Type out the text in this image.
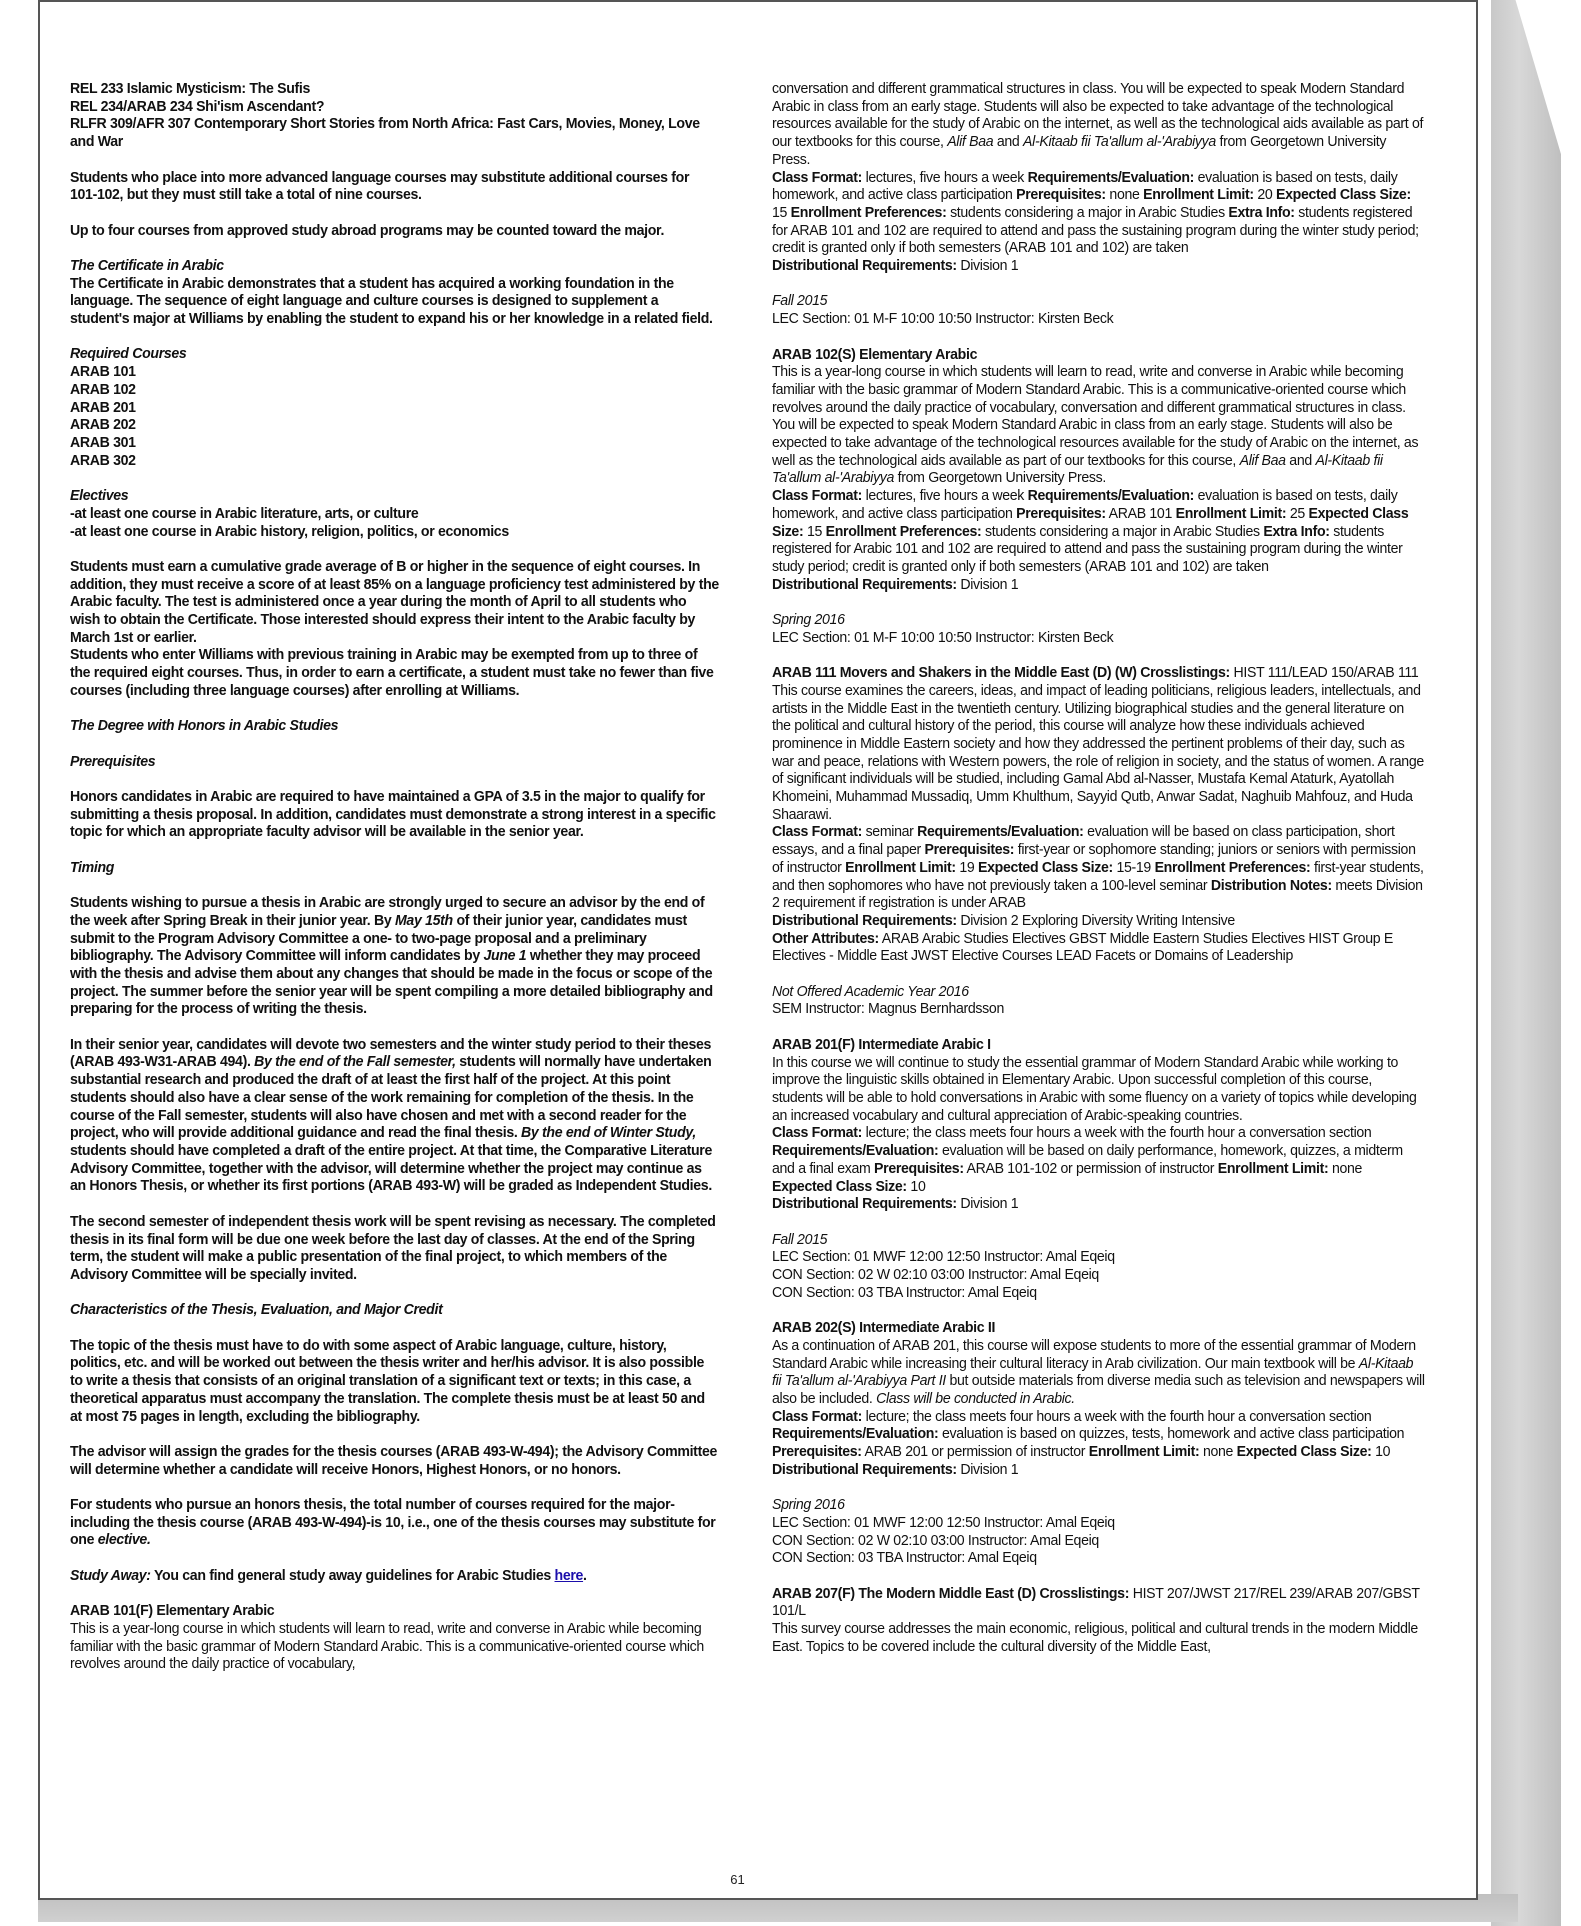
REL 233 Islamic Mysticism: The Sufis

REL 234/ARAB 234 Shi'ism Ascendant?

RLFR 309/AFR 307 Contemporary Short Stories from North Africa: Fast Cars, Movies, Money, Love and War

Students who place into more advanced language courses may substitute additional courses for 101-102, but they must still take a total of nine courses.

Up to four courses from approved study abroad programs may be counted toward the major.

The Certificate in Arabic

The Certificate in Arabic demonstrates that a student has acquired a working foundation in the language. The sequence of eight language and culture courses is designed to supplement a student's major at Williams by enabling the student to expand his or her knowledge in a related field.

Required Courses

ARAB 101

ARAB 102

ARAB 201

ARAB 202

ARAB 301

ARAB 302

Electives

-at least one course in Arabic literature, arts, or culture

-at least one course in Arabic history, religion, politics, or economics

Students must earn a cumulative grade average of B or higher in the sequence of eight courses. In addition, they must receive a score of at least 85% on a language proficiency test administered by the Arabic faculty. The test is administered once a year during the month of April to all students who wish to obtain the Certificate. Those interested should express their intent to the Arabic faculty by March 1st or earlier.

Students who enter Williams with previous training in Arabic may be exempted from up to three of the required eight courses. Thus, in order to earn a certificate, a student must take no fewer than five courses (including three language courses) after enrolling at Williams.

The Degree with Honors in Arabic Studies

Prerequisites

Honors candidates in Arabic are required to have maintained a GPA of 3.5 in the major to qualify for submitting a thesis proposal. In addition, candidates must demonstrate a strong interest in a specific topic for which an appropriate faculty advisor will be available in the senior year.

Timing

Students wishing to pursue a thesis in Arabic are strongly urged to secure an advisor by the end of the week after Spring Break in their junior year. By May 15th of their junior year, candidates must submit to the Program Advisory Committee a one- to two-page proposal and a preliminary bibliography. The Advisory Committee will inform candidates by June 1 whether they may proceed with the thesis and advise them about any changes that should be made in the focus or scope of the project. The summer before the senior year will be spent compiling a more detailed bibliography and preparing for the process of writing the thesis.

In their senior year, candidates will devote two semesters and the winter study period to their theses (ARAB 493-W31-ARAB 494). By the end of the Fall semester, students will normally have undertaken substantial research and produced the draft of at least the first half of the project. At this point students should also have a clear sense of the work remaining for completion of the thesis. In the course of the Fall semester, students will also have chosen and met with a second reader for the project, who will provide additional guidance and read the final thesis. By the end of Winter Study, students should have completed a draft of the entire project. At that time, the Comparative Literature Advisory Committee, together with the advisor, will determine whether the project may continue as an Honors Thesis, or whether its first portions (ARAB 493-W) will be graded as Independent Studies.

The second semester of independent thesis work will be spent revising as necessary. The completed thesis in its final form will be due one week before the last day of classes. At the end of the Spring term, the student will make a public presentation of the final project, to which members of the Advisory Committee will be specially invited.

Characteristics of the Thesis, Evaluation, and Major Credit

The topic of the thesis must have to do with some aspect of Arabic language, culture, history, politics, etc. and will be worked out between the thesis writer and her/his advisor. It is also possible to write a thesis that consists of an original translation of a significant text or texts; in this case, a theoretical apparatus must accompany the translation. The complete thesis must be at least 50 and at most 75 pages in length, excluding the bibliography.

The advisor will assign the grades for the thesis courses (ARAB 493-W-494); the Advisory Committee will determine whether a candidate will receive Honors, Highest Honors, or no honors.

For students who pursue an honors thesis, the total number of courses required for the major-including the thesis course (ARAB 493-W-494)-is 10, i.e., one of the thesis courses may substitute for one elective.

Study Away: You can find general study away guidelines for Arabic Studies here.

ARAB 101(F) Elementary Arabic

This is a year-long course in which students will learn to read, write and converse in Arabic while becoming familiar with the basic grammar of Modern Standard Arabic. This is a communicative-oriented course which revolves around the daily practice of vocabulary,

conversation and different grammatical structures in class. You will be expected to speak Modern Standard Arabic in class from an early stage. Students will also be expected to take advantage of the technological resources available for the study of Arabic on the internet, as well as the technological aids available as part of our textbooks for this course, Alif Baa and Al-Kitaab fii Ta'allum al-'Arabiyya from Georgetown University Press.

Class Format: lectures, five hours a week Requirements/Evaluation: evaluation is based on tests, daily homework, and active class participation Prerequisites: none Enrollment Limit: 20 Expected Class Size: 15 Enrollment Preferences: students considering a major in Arabic Studies Extra Info: students registered for ARAB 101 and 102 are required to attend and pass the sustaining program during the winter study period; credit is granted only if both semesters (ARAB 101 and 102) are taken

Distributional Requirements: Division 1

Fall 2015

LEC Section: 01 M-F 10:00 10:50 Instructor: Kirsten Beck

ARAB 102(S) Elementary Arabic

This is a year-long course in which students will learn to read, write and converse in Arabic while becoming familiar with the basic grammar of Modern Standard Arabic. This is a communicative-oriented course which revolves around the daily practice of vocabulary, conversation and different grammatical structures in class. You will be expected to speak Modern Standard Arabic in class from an early stage. Students will also be expected to take advantage of the technological resources available for the study of Arabic on the internet, as well as the technological aids available as part of our textbooks for this course, Alif Baa and Al-Kitaab fii Ta'allum al-'Arabiyya from Georgetown University Press.

Class Format: lectures, five hours a week Requirements/Evaluation: evaluation is based on tests, daily homework, and active class participation Prerequisites: ARAB 101 Enrollment Limit: 25 Expected Class Size: 15 Enrollment Preferences: students considering a major in Arabic Studies Extra Info: students registered for Arabic 101 and 102 are required to attend and pass the sustaining program during the winter study period; credit is granted only if both semesters (ARAB 101 and 102) are taken

Distributional Requirements: Division 1

Spring 2016

LEC Section: 01 M-F 10:00 10:50 Instructor: Kirsten Beck

ARAB 111 Movers and Shakers in the Middle East (D) (W) Crosslistings: HIST 111/LEAD 150/ARAB 111

This course examines the careers, ideas, and impact of leading politicians, religious leaders, intellectuals, and artists in the Middle East in the twentieth century. Utilizing biographical studies and the general literature on the political and cultural history of the period, this course will analyze how these individuals achieved prominence in Middle Eastern society and how they addressed the pertinent problems of their day, such as war and peace, relations with Western powers, the role of religion in society, and the status of women. A range of significant individuals will be studied, including Gamal Abd al-Nasser, Mustafa Kemal Ataturk, Ayatollah Khomeini, Muhammad Mussadiq, Umm Khulthum, Sayyid Qutb, Anwar Sadat, Naghuib Mahfouz, and Huda Shaarawi.

Class Format: seminar Requirements/Evaluation: evaluation will be based on class participation, short essays, and a final paper Prerequisites: first-year or sophomore standing; juniors or seniors with permission of instructor Enrollment Limit: 19 Expected Class Size: 15-19 Enrollment Preferences: first-year students, and then sophomores who have not previously taken a 100-level seminar Distribution Notes: meets Division 2 requirement if registration is under ARAB

Distributional Requirements: Division 2 Exploring Diversity Writing Intensive

Other Attributes: ARAB Arabic Studies Electives GBST Middle Eastern Studies Electives HIST Group E Electives - Middle East JWST Elective Courses LEAD Facets or Domains of Leadership

Not Offered Academic Year 2016

SEM Instructor: Magnus Bernhardsson

ARAB 201(F) Intermediate Arabic I

In this course we will continue to study the essential grammar of Modern Standard Arabic while working to improve the linguistic skills obtained in Elementary Arabic. Upon successful completion of this course, students will be able to hold conversations in Arabic with some fluency on a variety of topics while developing an increased vocabulary and cultural appreciation of Arabic-speaking countries.

Class Format: lecture; the class meets four hours a week with the fourth hour a conversation section Requirements/Evaluation: evaluation will be based on daily performance, homework, quizzes, a midterm and a final exam Prerequisites: ARAB 101-102 or permission of instructor Enrollment Limit: none Expected Class Size: 10

Distributional Requirements: Division 1

Fall 2015

LEC Section: 01 MWF 12:00 12:50 Instructor: Amal Eqeiq

CON Section: 02 W 02:10 03:00 Instructor: Amal Eqeiq

CON Section: 03 TBA Instructor: Amal Eqeiq

ARAB 202(S) Intermediate Arabic II

As a continuation of ARAB 201, this course will expose students to more of the essential grammar of Modern Standard Arabic while increasing their cultural literacy in Arab civilization. Our main textbook will be Al-Kitaab fii Ta'allum al-'Arabiyya Part II but outside materials from diverse media such as television and newspapers will also be included. Class will be conducted in Arabic.

Class Format: lecture; the class meets four hours a week with the fourth hour a conversation section Requirements/Evaluation: evaluation is based on quizzes, tests, homework and active class participation Prerequisites: ARAB 201 or permission of instructor Enrollment Limit: none Expected Class Size: 10

Distributional Requirements: Division 1

Spring 2016

LEC Section: 01 MWF 12:00 12:50 Instructor: Amal Eqeiq

CON Section: 02 W 02:10 03:00 Instructor: Amal Eqeiq

CON Section: 03 TBA Instructor: Amal Eqeiq

ARAB 207(F) The Modern Middle East (D) Crosslistings: HIST 207/JWST 217/REL 239/ARAB 207/GBST 101/L

This survey course addresses the main economic, religious, political and cultural trends in the modern Middle East. Topics to be covered include the cultural diversity of the Middle East,

61
